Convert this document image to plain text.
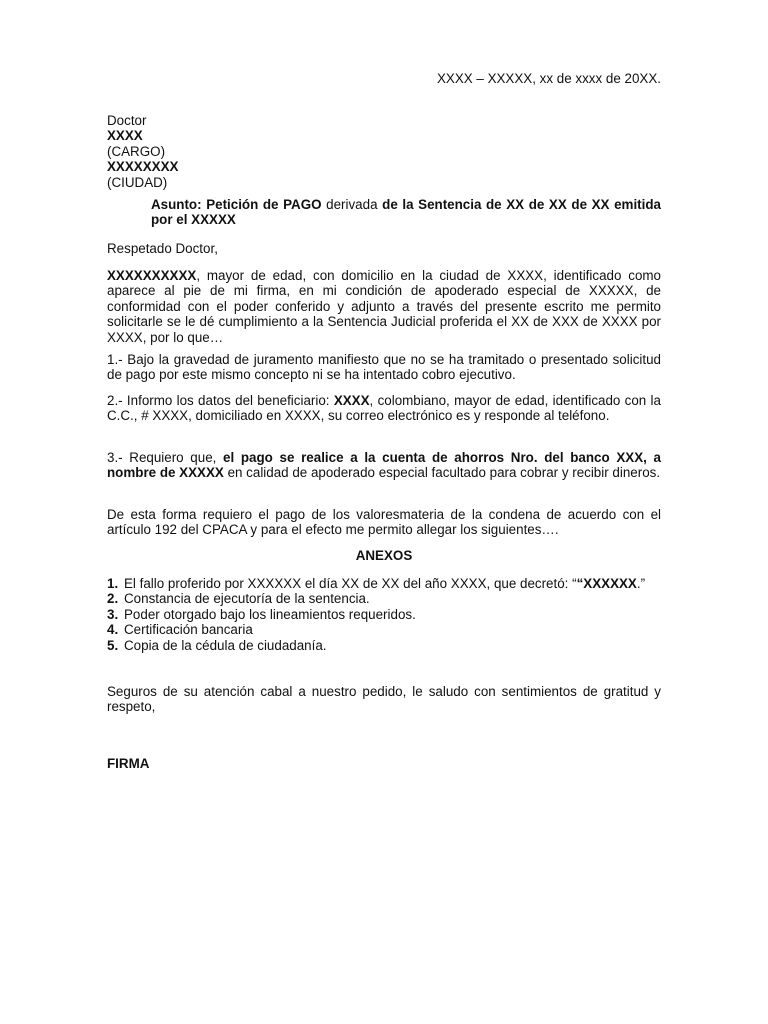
XXXX – XXXXX, xx de xxxx de 20XX.
Doctor
XXXX
(CARGO)
XXXXXXXX
(CIUDAD)
Asunto: Petición de PAGO derivada de la Sentencia de XX de XX de XX emitida por el XXXXX
Respetado Doctor,
XXXXXXXXXX, mayor de edad, con domicilio en la ciudad de XXXX, identificado como aparece al pie de mi firma, en mi condición de apoderado especial de XXXXX, de conformidad con el poder conferido y adjunto a través del presente escrito me permito solicitarle se le dé cumplimiento a la Sentencia Judicial proferida el XX de XXX de XXXX por XXXX, por lo que…
1.- Bajo la gravedad de juramento manifiesto que no se ha tramitado o presentado solicitud de pago por este mismo concepto ni se ha intentado cobro ejecutivo.
2.- Informo los datos del beneficiario: XXXX, colombiano, mayor de edad, identificado con la C.C., # XXXX, domiciliado en XXXX, su correo electrónico es y responde al teléfono.
3.- Requiero que, el pago se realice a la cuenta de ahorros Nro. del banco XXX, a nombre de XXXXX en calidad de apoderado especial facultado para cobrar y recibir dineros.
De esta forma requiero el pago de los valoresmateria de la condena de acuerdo con el artículo 192 del CPACA y para el efecto me permito allegar los siguientes….
ANEXOS
1. El fallo proferido por XXXXXX el día XX de XX del año XXXX, que decretó: ““XXXXXX.”
2. Constancia de ejecutoría de la sentencia.
3. Poder otorgado bajo los lineamientos requeridos.
4. Certificación bancaria
5. Copia de la cédula de ciudadanía.
Seguros de su atención cabal a nuestro pedido, le saludo con sentimientos de gratitud y respeto,
FIRMA
